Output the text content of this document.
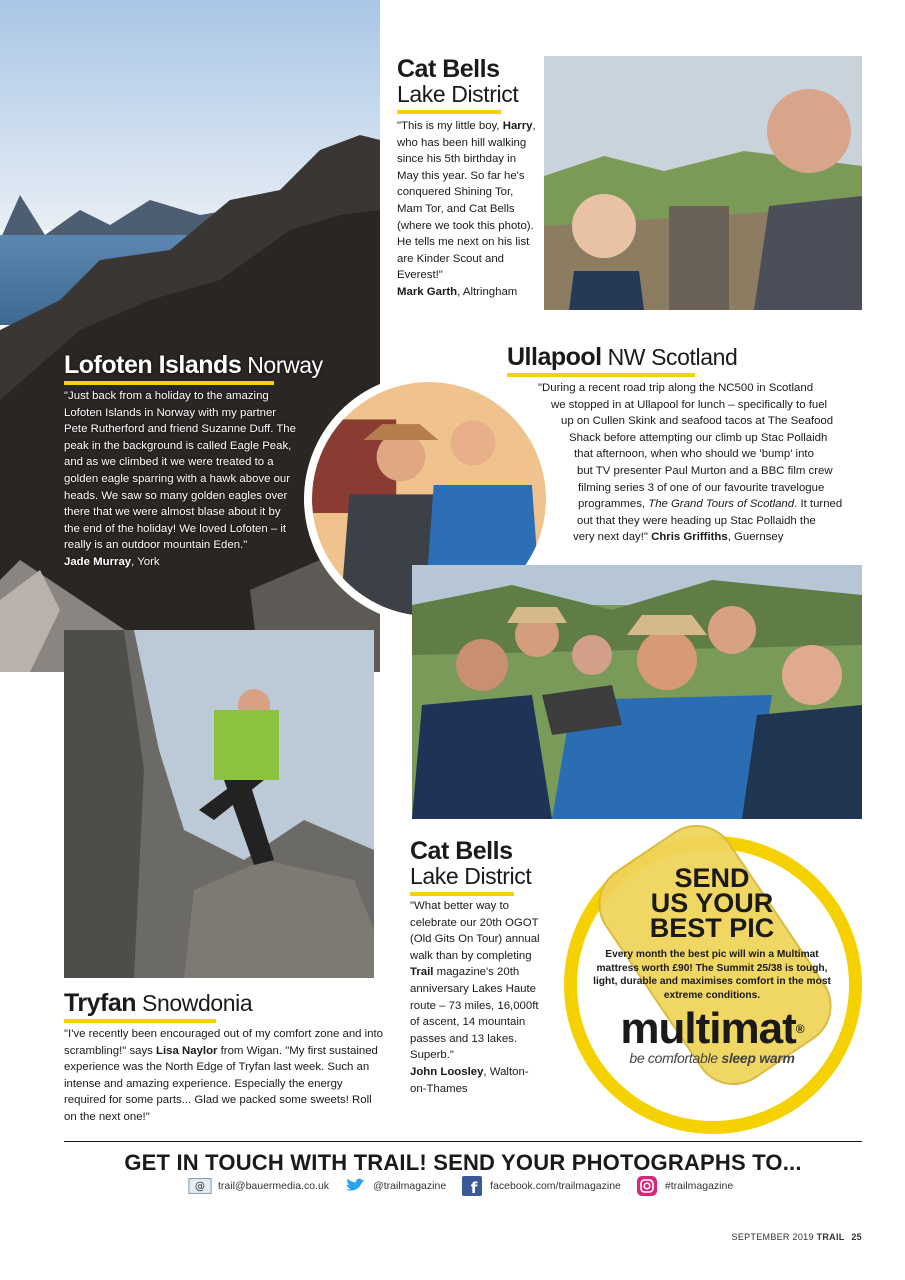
Lofoten Islands Norway
"Just back from a holiday to the amazing Lofoten Islands in Norway with my partner Pete Rutherford and friend Suzanne Duff. The peak in the background is called Eagle Peak, and as we climbed it we were treated to a golden eagle sparring with a hawk above our heads. We saw so many golden eagles over there that we were almost blase about it by the end of the holiday! We loved Lofoten – it really is an outdoor mountain Eden."
Jade Murray, York
Cat Bells
Lake District
"This is my little boy, Harry, who has been hill walking since his 5th birthday in May this year. So far he's conquered Shining Tor, Mam Tor, and Cat Bells (where we took this photo). He tells me next on his list are Kinder Scout and Everest!"
Mark Garth, Altringham
Ullapool NW Scotland
"During a recent road trip along the NC500 in Scotland
we stopped in at Ullapool for lunch – specifically to fuel
up on Cullen Skink and seafood tacos at The Seafood
Shack before attempting our climb up Stac Pollaidh
that afternoon, when who should we 'bump' into
but TV presenter Paul Murton and a BBC film crew
filming series 3 of one of our favourite travelogue
programmes, The Grand Tours of Scotland. It turned
out that they were heading up Stac Pollaidh the
very next day!" Chris Griffiths, Guernsey
Cat Bells
Lake District
"What better way to celebrate our 20th OGOT (Old Gits On Tour) annual walk than by completing Trail magazine's 20th anniversary Lakes Haute route – 73 miles, 16,000ft of ascent, 14 mountain passes and 13 lakes. Superb."
John Loosley, Walton-on-Thames
Tryfan Snowdonia
"I've recently been encouraged out of my comfort zone and into scrambling!" says Lisa Naylor from Wigan. "My first sustained experience was the North Edge of Tryfan last week. Such an intense and amazing experience. Especially the energy required for some parts... Glad we packed some sweets! Roll on the next one!"
SEND
US YOUR
BEST PIC
Every month the best pic will win a Multimat mattress worth £90! The Summit 25/38 is tough, light, durable and maximises comfort in the most extreme conditions.
multimat®
be comfortable sleep warm
GET IN TOUCH WITH TRAIL! SEND YOUR PHOTOGRAPHS TO...
@ trail@bauermedia.co.uk	@trailmagazine f facebook.com/trailmagazine	#trailmagazine
SEPTEMBER 2019 TRAIL 25
